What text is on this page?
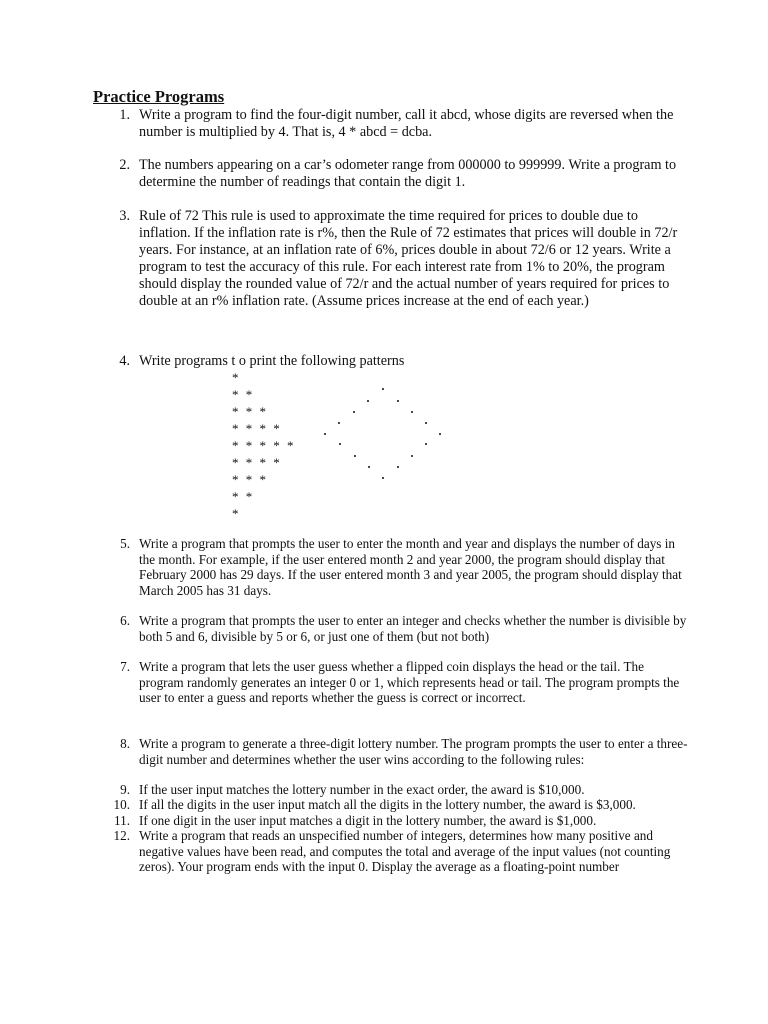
Practice Programs
1. Write a program to find the four-digit number, call it abcd, whose digits are reversed when the number is multiplied by 4. That is, 4 * abcd = dcba.
2. The numbers appearing on a car’s odometer range from 000000 to 999999. Write a program to determine the number of readings that contain the digit 1.
3. Rule of 72 This rule is used to approximate the time required for prices to double due to inflation. If the inflation rate is r%, then the Rule of 72 estimates that prices will double in 72/r years. For instance, at an inflation rate of 6%, prices double in about 72/6 or 12 years. Write a program to test the accuracy of this rule. For each interest rate from 1% to 20%, the program should display the rounded value of 72/r and the actual number of years required for prices to double at an r% inflation rate. (Assume prices increase at the end of each year.)
4. Write programs t o print the following patterns
*
* *
* * *
* * * *
* * * * *
* * * *
* * *
* *
*
5. Write a program that prompts the user to enter the month and year and displays the number of days in the month. For example, if the user entered month 2 and year 2000, the program should display that February 2000 has 29 days. If the user entered month 3 and year 2005, the program should display that March 2005 has 31 days.
6. Write a program that prompts the user to enter an integer and checks whether the number is divisible by both 5 and 6, divisible by 5 or 6, or just one of them (but not both)
7. Write a program that lets the user guess whether a flipped coin displays the head or the tail. The program randomly generates an integer 0 or 1, which represents head or tail. The program prompts the user to enter a guess and reports whether the guess is correct or incorrect.
8. Write a program to generate a three-digit lottery number. The program prompts the user to enter a three-digit number and determines whether the user wins according to the following rules:
9. If the user input matches the lottery number in the exact order, the award is $10,000.
10. If all the digits in the user input match all the digits in the lottery number, the award is $3,000.
11. If one digit in the user input matches a digit in the lottery number, the award is $1,000.
12. Write a program that reads an unspecified number of integers, determines how many positive and negative values have been read, and computes the total and average of the input values (not counting zeros). Your program ends with the input 0. Display the average as a floating-point number
